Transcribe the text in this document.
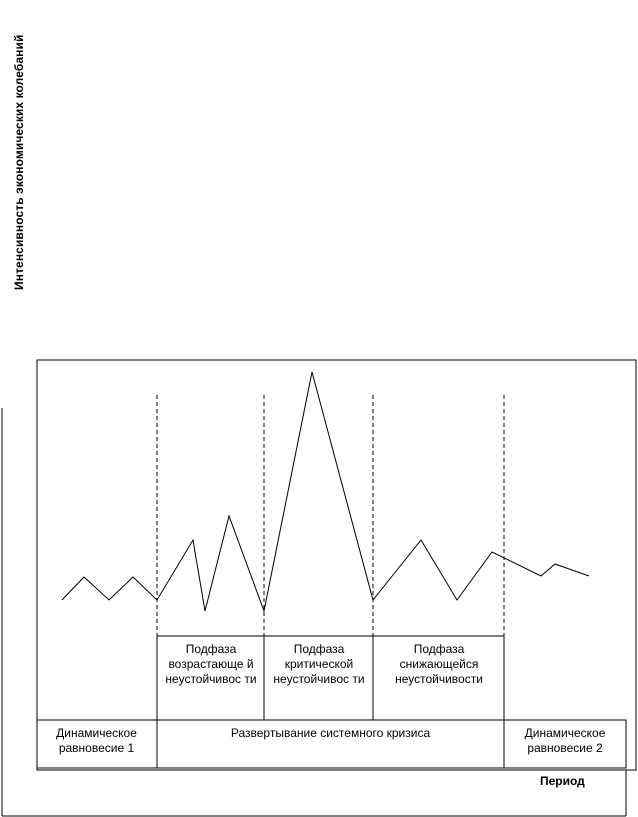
Интенсивность экономических колебаний
Подфаза возрастающе й неустойчивос ти
Подфаза критической неустойчивос ти
Подфаза снижающейся неустойчивости
Динамическое равновесие 1
Развертывание системного кризиса	Динамическое равновесие 2
Период
